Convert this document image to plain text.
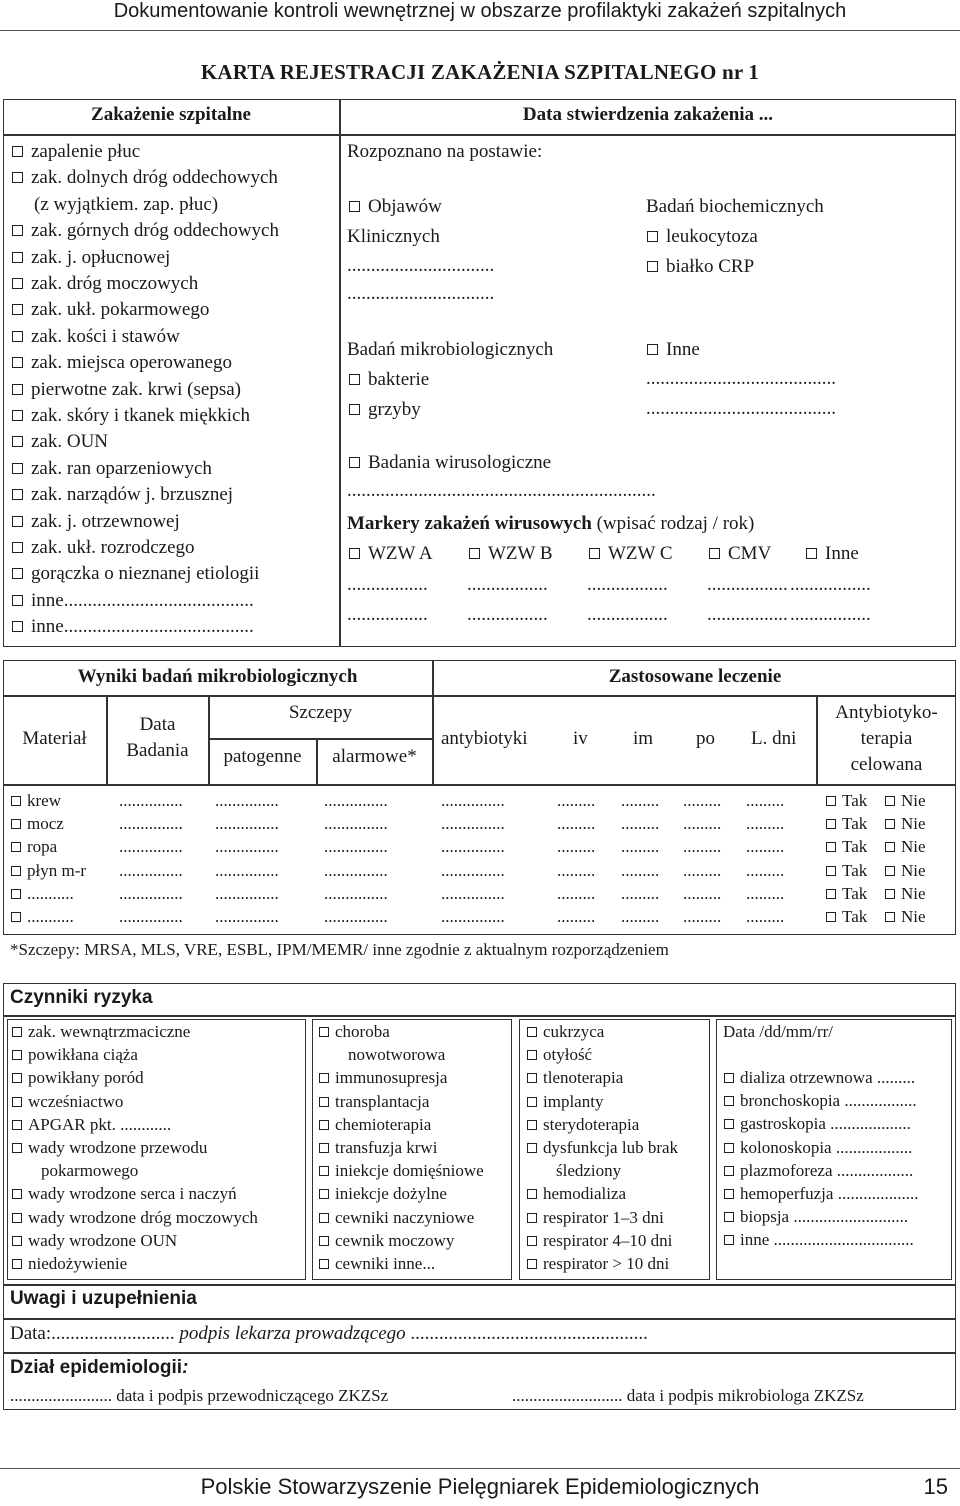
Dokumentowanie kontroli wewnętrznej w obszarze profilaktyki zakażeń szpitalnych
KARTA REJESTRACJI ZAKAŻENIA SZPITALNEGO nr 1
Zakażenie szpitalne
zapalenie płuc
zak. dolnych dróg oddechowych
(z wyjątkiem. zap. płuc)
zak. górnych dróg oddechowych
zak. j. opłucnowej
zak. dróg moczowych
zak. ukł. pokarmowego
zak. kości i stawów
zak. miejsca operowanego
pierwotne zak. krwi (sepsa)
zak. skóry i tkanek miękkich
zak. OUN
zak. ran oparzeniowych
zak. narządów j. brzusznej
zak. j. otrzewnowej
zak. ukł. rozrodczego
gorączka o nieznanej etiologii
inne........................................
inne........................................
Data stwierdzenia zakażenia ...
Rozpoznano na postawie:
Objawów
Klinicznych
...............................
...............................
Badań biochemicznych
leukocytoza
białko CRP
Badań mikrobiologicznych
bakterie
grzyby
Inne
........................................
........................................
Badania wirusologiczne
.................................................................
Markery zakażeń wirusowych (wpisać rodzaj / rok)
WZW A	WZW B	WZW C	CMV	Inne
................. ................. ................. ................. .................
................. ................. ................. ................. .................
Wyniki badań mikrobiologicznych	Zastosowane leczenie
Materiał
Data
Badania
Szczepy
patogenne	alarmowe*
antybiotyki iv im po L. dni
Antybiotyko-
terapia
celowana
krew	............... ...............	...............	...............	......... ......... ......... .........	Tak	Nie
mocz	............... ...............	...............	...............	......... ......... ......... .........	Tak	Nie
ropa	............... ...............	...............	...............	......... ......... ......... .........	Tak	Nie
płyn m-r ............... ...............	...............	...............	......... ......... ......... .........	Tak	Nie
...........	............... ...............	...............	...............	......... ......... ......... .........	Tak	Nie
...........	............... ...............	...............	...............	......... ......... ......... .........	Tak	Nie
*Szczepy: MRSA, MLS, VRE, ESBL, IPM/MEMR/ inne zgodnie z aktualnym rozporządzeniem
Czynniki ryzyka
zak. wewnątrzmaciczne
powikłana ciąża
powikłany poród
wcześniactwo
APGAR pkt. ............
wady wrodzone przewodu
pokarmowego
wady wrodzone serca i naczyń
wady wrodzone dróg moczowych
wady wrodzone OUN
niedożywienie
choroba
nowotworowa
immunosupresja
transplantacja
chemioterapia
transfuzja krwi
iniekcje domięśniowe
iniekcje dożylne
cewniki naczyniowe
cewnik moczowy
cewniki inne...
cukrzyca
otyłość
tlenoterapia
implanty
sterydoterapia
dysfunkcja lub brak
śledziony
hemodializa
respirator 1–3 dni
respirator 4–10 dni
respirator > 10 dni
dializa otrzewnowa .........
bronchoskopia .................
gastroskopia ...................
kolonoskopia ..................
plazmoforeza ..................
hemoperfuzja ...................
biopsja ...........................
inne .................................
Data /dd/mm/rr/
Uwagi i uzupełnienia
Data:.......................... podpis lekarza prowadzącego ..................................................
Dział epidemiologii:
........................ data i podpis przewodniczącego ZKZSz	.......................... data i podpis mikrobiologa ZKZSz
Polskie Stowarzyszenie Pielęgniarek Epidemiologicznych	15
